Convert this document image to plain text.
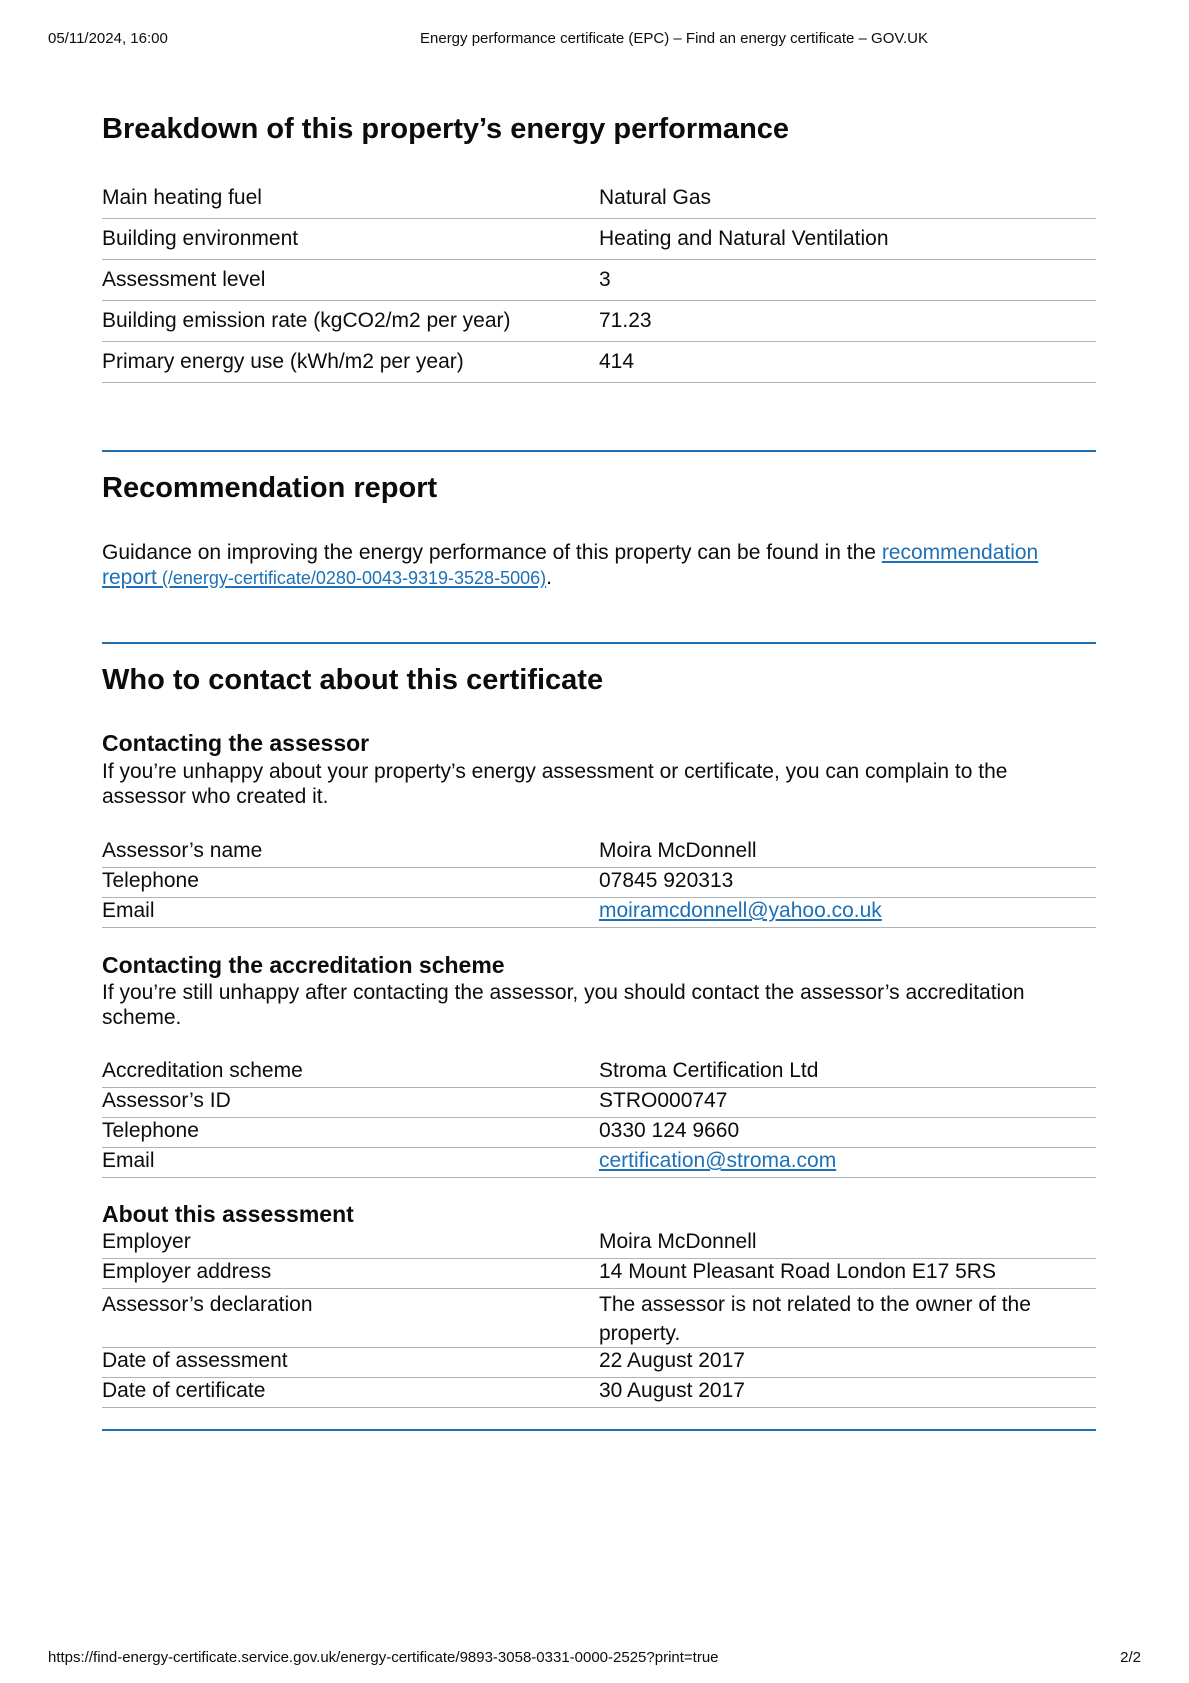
05/11/2024, 16:00	Energy performance certificate (EPC) – Find an energy certificate – GOV.UK
Breakdown of this property’s energy performance
Main heating fuel	Natural Gas
Building environment	Heating and Natural Ventilation
Assessment level	3
Building emission rate (kgCO2/m2 per year)	71.23
Primary energy use (kWh/m2 per year)	414
Recommendation report
Guidance on improving the energy performance of this property can be found in the recommendation report (/energy-certificate/0280-0043-9319-3528-5006).
Who to contact about this certificate
Contacting the assessor
If you’re unhappy about your property’s energy assessment or certificate, you can complain to the assessor who created it.
Assessor’s name	Moira McDonnell
Telephone	07845 920313
Email	moiramcdonnell@yahoo.co.uk
Contacting the accreditation scheme
If you’re still unhappy after contacting the assessor, you should contact the assessor’s accreditation scheme.
Accreditation scheme	Stroma Certification Ltd
Assessor’s ID	STRO000747
Telephone	0330 124 9660
Email	certification@stroma.com
About this assessment
Employer	Moira McDonnell
Employer address	14 Mount Pleasant Road London E17 5RS
Assessor’s declaration	The assessor is not related to the owner of the property.
Date of assessment	22 August 2017
Date of certificate	30 August 2017
https://find-energy-certificate.service.gov.uk/energy-certificate/9893-3058-0331-0000-2525?print=true	2/2
